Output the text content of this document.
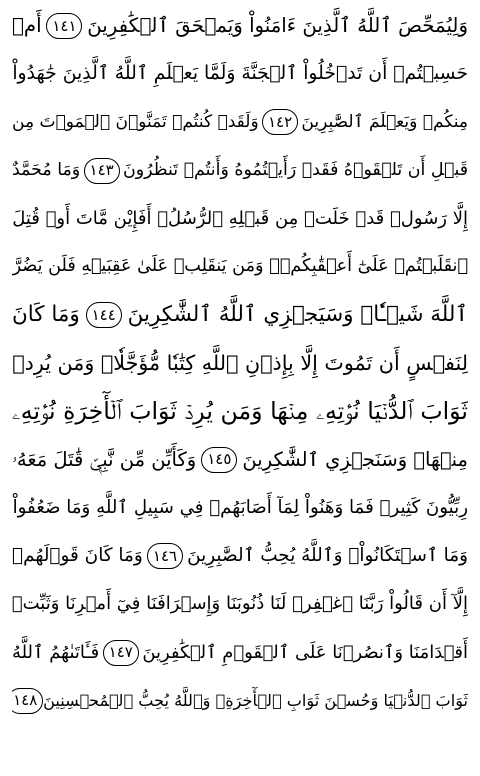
وَلِيُمَحِّصَ ٱللَّهُ ٱلَّذِينَ ءَامَنُواْ وَيَمۡحَقَ ٱلۡكَٰفِرِينَ
١٤١
أَمۡ
حَسِبۡتُمۡ أَن تَدۡخُلُواْ ٱلۡجَنَّةَ وَلَمَّا يَعۡلَمِ ٱللَّهُ ٱلَّذِينَ جَٰهَدُواْ
مِنكُمۡ وَيَعۡلَمَ ٱلصَّٰبِرِينَ
١٤٢
وَلَقَدۡ كُنتُمۡ تَمَنَّوۡنَ ٱلۡمَوۡتَ مِن
قَبۡلِ أَن تَلۡقَوۡهُ فَقَدۡ رَأَيۡتُمُوهُ وَأَنتُمۡ تَنظُرُونَ
١٤٣
وَمَا مُحَمَّدٌ
إِلَّا رَسُولٞ قَدۡ خَلَتۡ مِن قَبۡلِهِ ٱلرُّسُلُۚ أَفَإِيْن مَّاتَ أَوۡ قُتِلَ
ٱنقَلَبۡتُمۡ عَلَىٰٓ أَعۡقَٰبِكُمۡۚ وَمَن يَنقَلِبۡ عَلَىٰ عَقِبَيۡهِ فَلَن يَضُرَّ
ٱللَّهَ شَيۡـٔٗاۗ وَسَيَجۡزِي ٱللَّهُ ٱلشَّٰكِرِينَ
١٤٤
وَمَا كَانَ
لِنَفۡسٍ أَن تَمُوتَ إِلَّا بِإِذۡنِ ٱللَّهِ كِتَٰبٗا مُّؤَجَّلٗاۗ وَمَن يُرِدۡ
ثَوَابَ ٱلدُّنۡيَا نُؤۡتِهِۦ مِنۡهَا وَمَن يُرِدۡ ثَوَابَ ٱلۡأٓخِرَةِ نُؤۡتِهِۦ
مِنۡهَاۚ وَسَنَجۡزِي ٱلشَّٰكِرِينَ
١٤٥
وَكَأَيِّن مِّن نَّبِيّٖ قَٰتَلَ مَعَهُۥ
رِبِّيُّونَ كَثِيرٞ فَمَا وَهَنُواْ لِمَآ أَصَابَهُمۡ فِي سَبِيلِ ٱللَّهِ وَمَا ضَعُفُواْ
وَمَا ٱسۡتَكَانُواْۗ وَٱللَّهُ يُحِبُّ ٱلصَّٰبِرِينَ
١٤٦
وَمَا كَانَ قَوۡلَهُمۡ
إِلَّآ أَن قَالُواْ رَبَّنَا ٱغۡفِرۡ لَنَا ذُنُوبَنَا وَإِسۡرَافَنَا فِيٓ أَمۡرِنَا وَثَبِّتۡ
أَقۡدَامَنَا وَٱنصُرۡنَا عَلَى ٱلۡقَوۡمِ ٱلۡكَٰفِرِينَ
١٤٧
فَـَٔاتَىٰهُمُ ٱللَّهُ
ثَوَابَ ٱلدُّنۡيَا وَحُسۡنَ ثَوَابِ ٱلۡأٓخِرَةِۗ وَٱللَّهُ يُحِبُّ ٱلۡمُحۡسِنِينَ
١٤٨
